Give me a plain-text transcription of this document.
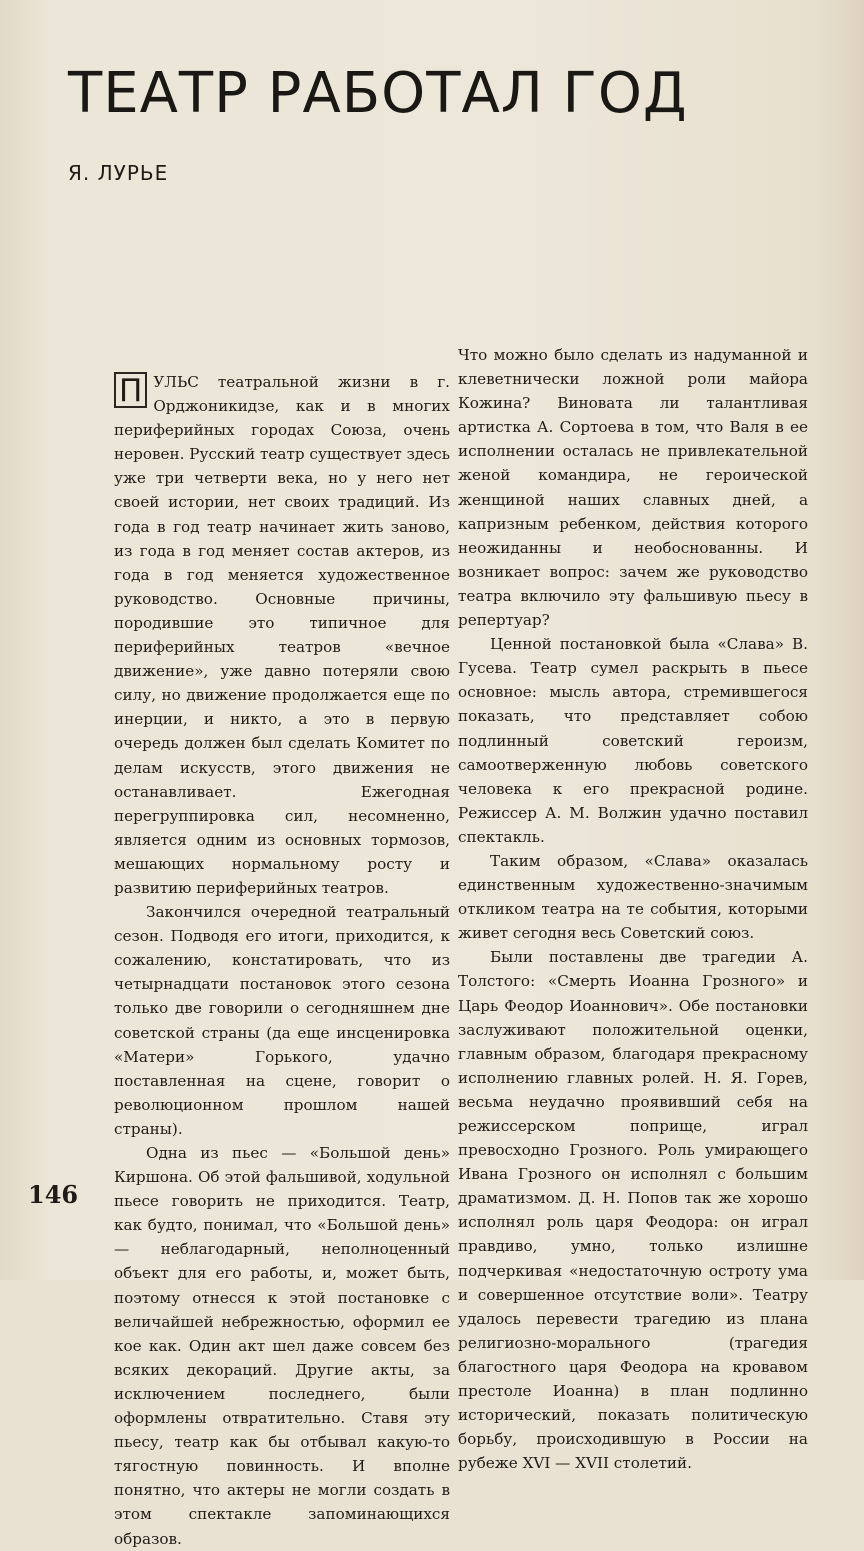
ТЕАТР РАБОТАЛ ГОД
Я. ЛУРЬЕ

П УЛЬС театральной жизни в г. Орджоникидзе, как и в многих периферийных городах Союза, очень неровен. Русский театр существует здесь уже три четверти века, но у него нет своей истории, нет своих традиций. Из года в год театр начинает жить заново, из года в год меняет состав актеров, из года в год меняется художественное руководство. Основные причины, породившие это типичное для периферийных театров «вечное движение», уже давно потеряли свою силу, но движение продолжается еще по инерции, и никто, а это в первую очередь должен был сделать Комитет по делам искусств, этого движения не останавливает. Ежегодная перегруппировка сил, несомненно, является одним из основных тормозов, мешающих нормальному росту и развитию периферийных театров.

Закончился очередной театральный сезон. Подводя его итоги, приходится, к сожалению, констатировать, что из четырнадцати постановок этого сезона только две говорили о сегодняшнем дне советской страны (да еще инсценировка «Матери» Горького, удачно поставленная на сцене, говорит о революционном прошлом нашей страны).

Одна из пьес — «Большой день» Киршона. Об этой фальшивой, ходульной пьесе говорить не приходится. Театр, как будто, понимал, что «Большой день» — неблагодарный, неполноценный объект для его работы, и, может быть, поэтому отнесся к этой постановке с величайшей небрежностью, оформил ее кое как. Один акт шел даже совсем без всяких декораций. Другие акты, за исключением последнего, были оформлены отвратительно. Ставя эту пьесу, театр как бы отбывал какую-то тягостную повинность. И вполне понятно, что актеры не могли создать в этом спектакле запоминающихся образов.

Что можно было сделать из надуманной и клеветнически ложной роли майора Кожина? Виновата ли талантливая артистка А. Сортоева в том, что Валя в ее исполнении осталась не привлекательной женой командира, не героической женщиной наших славных дней, а капризным ребенком, действия которого неожиданны и необоснованны. И возникает вопрос: зачем же руководство театра включило эту фальшивую пьесу в репертуар?

Ценной постановкой была «Слава» В. Гусева. Театр сумел раскрыть в пьесе основное: мысль автора, стремившегося показать, что представляет собою подлинный советский героизм, самоотверженную любовь советского человека к его прекрасной родине. Режиссер А. М. Волжин удачно поставил спектакль.

Таким образом, «Слава» оказалась единственным художественно-значимым откликом театра на те события, которыми живет сегодня весь Советский союз.

Были поставлены две трагедии А. Толстого: «Смерть Иоанна Грозного» и Царь Феодор Иоаннович». Обе постановки заслуживают положительной оценки, главным образом, благодаря прекрасному исполнению главных ролей. Н. Я. Горев, весьма неудачно проявивший себя на режиссерском поприще, играл превосходно Грозного. Роль умирающего Ивана Грозного он исполнял с большим драматизмом. Д. Н. Попов так же хорошо исполнял роль царя Феодора: он играл правдиво, умно, только излишне подчеркивая «недостаточную остроту ума и совершенное отсутствие воли». Театру удалось перевести трагедию из плана религиозно-морального (трагедия благостного царя Феодора на кровавом престоле Иоанна) в план подлинно исторический, показать политическую борьбу, происходившую в России на рубеже XVI — XVII столетий.

146
